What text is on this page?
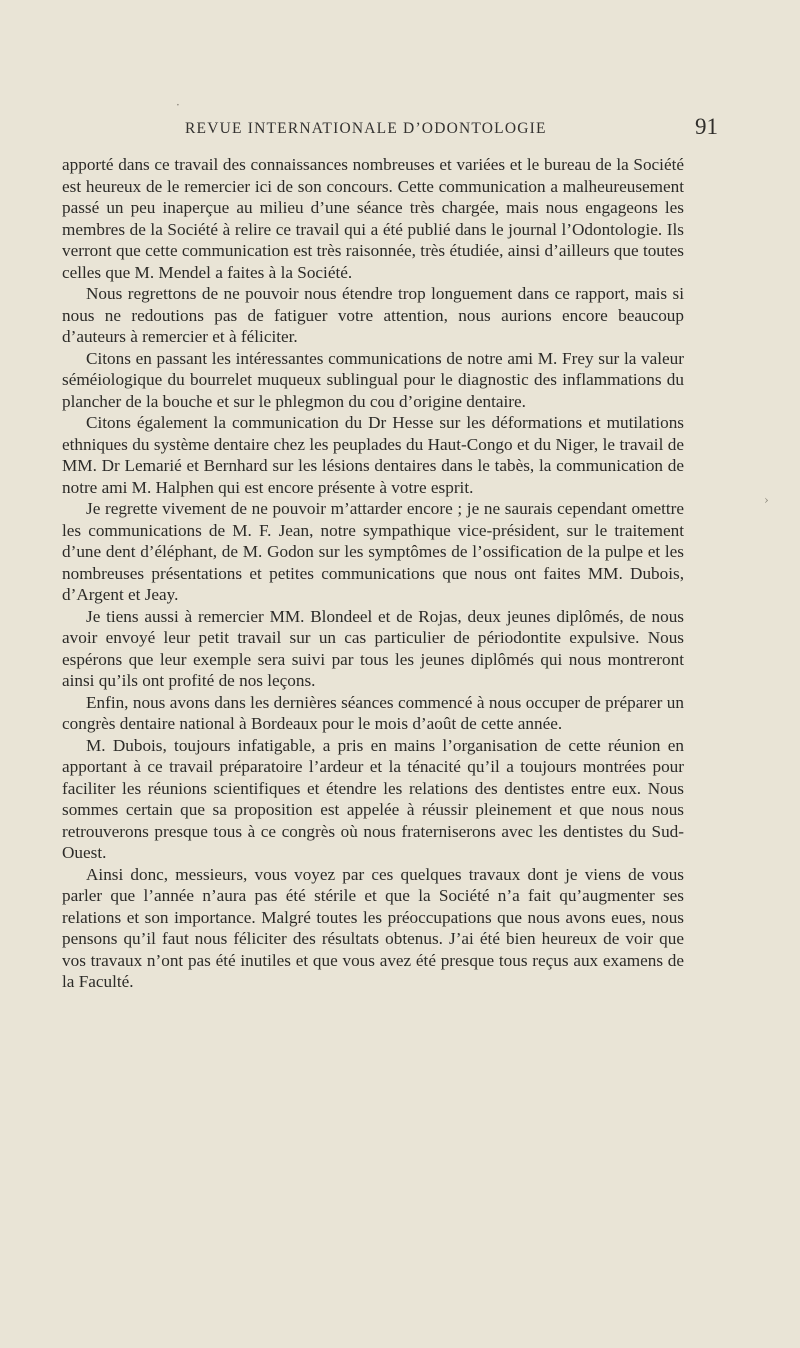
REVUE INTERNATIONALE D’ODONTOLOGIE	91

apporté dans ce travail des connaissances nombreuses et variées et le bureau de la Société est heureux de le remercier ici de son concours. Cette communication a malheureusement passé un peu inaperçue au milieu d’une séance très chargée, mais nous engageons les membres de la Société à relire ce travail qui a été publié dans le journal l’Odontologie. Ils verront que cette communication est très raisonnée, très étudiée, ainsi d’ailleurs que toutes celles que M. Mendel a faites à la Société.

Nous regrettons de ne pouvoir nous étendre trop longuement dans ce rapport, mais si nous ne redoutions pas de fatiguer votre attention, nous aurions encore beaucoup d’auteurs à remercier et à féliciter.

Citons en passant les intéressantes communications de notre ami M. Frey sur la valeur séméiologique du bourrelet muqueux sublingual pour le diagnostic des inflammations du plancher de la bouche et sur le phlegmon du cou d’origine dentaire.

Citons également la communication du Dr Hesse sur les déformations et mutilations ethniques du système dentaire chez les peuplades du Haut-Congo et du Niger, le travail de MM. Dr Lemarié et Bernhard sur les lésions dentaires dans le tabès, la communication de notre ami M. Halphen qui est encore présente à votre esprit.

Je regrette vivement de ne pouvoir m’attarder encore ; je ne saurais cependant omettre les communications de M. F. Jean, notre sympathique vice-président, sur le traitement d’une dent d’éléphant, de M. Godon sur les symptômes de l’ossification de la pulpe et les nombreuses présentations et petites communications que nous ont faites MM. Dubois, d’Argent et Jeay.

Je tiens aussi à remercier MM. Blondeel et de Rojas, deux jeunes diplômés, de nous avoir envoyé leur petit travail sur un cas particulier de périodontite expulsive. Nous espérons que leur exemple sera suivi par tous les jeunes diplômés qui nous montreront ainsi qu’ils ont profité de nos leçons.

Enfin, nous avons dans les dernières séances commencé à nous occuper de préparer un congrès dentaire national à Bordeaux pour le mois d’août de cette année.

M. Dubois, toujours infatigable, a pris en mains l’organisation de cette réunion en apportant à ce travail préparatoire l’ardeur et la ténacité qu’il a toujours montrées pour faciliter les réunions scientifiques et étendre les relations des dentistes entre eux. Nous sommes certain que sa proposition est appelée à réussir pleinement et que nous nous retrouverons presque tous à ce congrès où nous fraterniserons avec les dentistes du Sud-Ouest.

Ainsi donc, messieurs, vous voyez par ces quelques travaux dont je viens de vous parler que l’année n’aura pas été stérile et que la Société n’a fait qu’augmenter ses relations et son importance. Malgré toutes les préoccupations que nous avons eues, nous pensons qu’il faut nous féliciter des résultats obtenus. J’ai été bien heureux de voir que vos travaux n’ont pas été inutiles et que vous avez été presque tous reçus aux examens de la Faculté.

·
›
